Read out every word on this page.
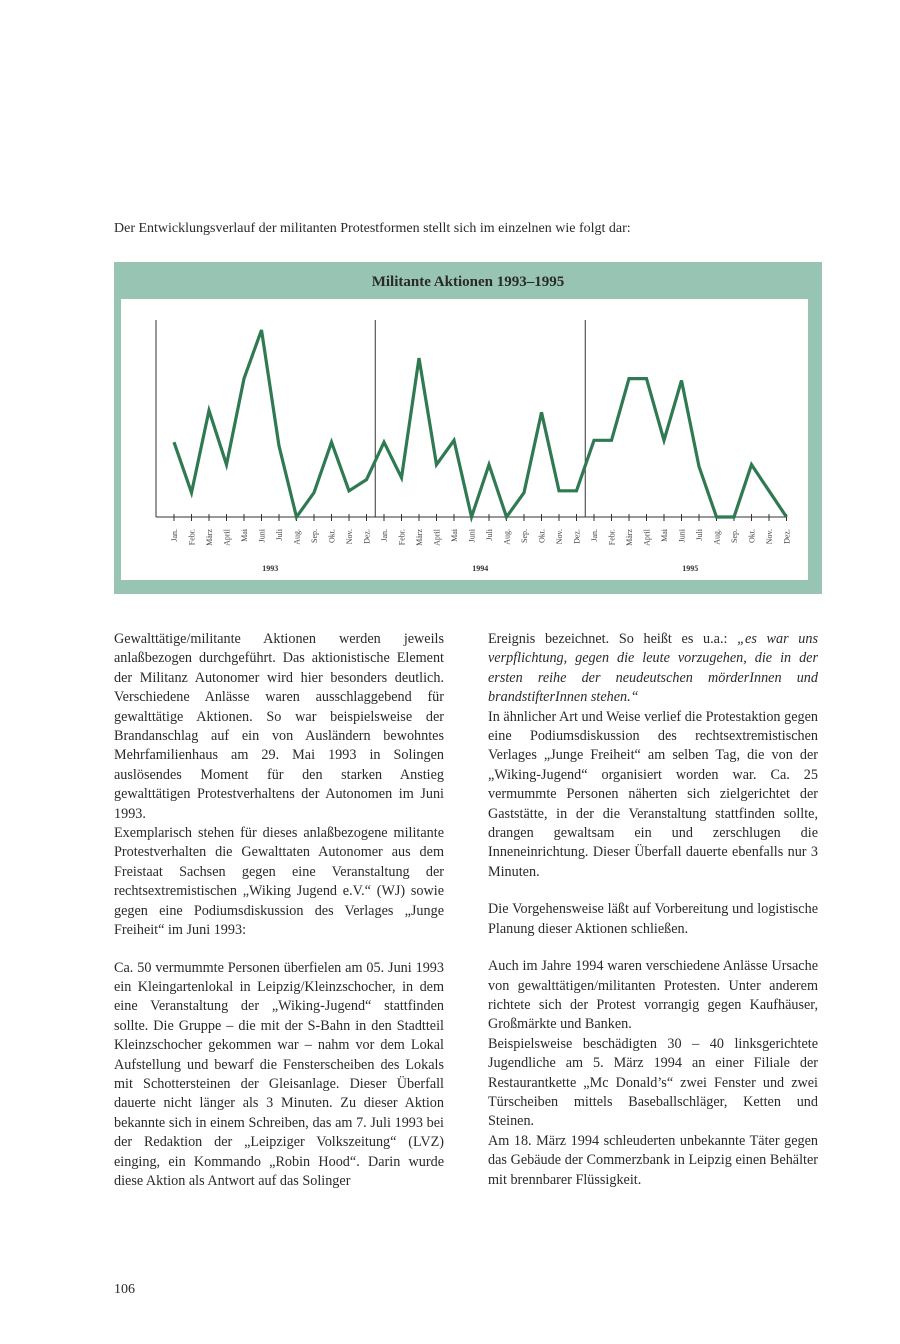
Der Entwicklungsverlauf der militanten Protestformen stellt sich im einzelnen wie folgt dar:

Jan. Febr. März April Mai Juni Juli Aug. Sep. Okt. Nov. Dez. Jan. Febr. März April Mai Juni Juli Aug. Sep. Okt. Nov. Dez. Jan. Febr. März April Mai Juni Juli Aug. Sep. Okt. Nov. Dez.
1993	1994	1995

Militante Aktionen 1993–1995

Gewalttätige/militante Aktionen werden jeweils anlaßbezogen durchgeführt. Das aktionistische Element der Militanz Autonomer wird hier besonders deutlich. Verschiedene Anlässe waren ausschlaggebend für gewalttätige Aktionen. So war beispielsweise der Brandanschlag auf ein von Ausländern bewohntes Mehrfamilienhaus am 29. Mai 1993 in Solingen auslösendes Moment für den starken Anstieg gewalttätigen Protestverhaltens der Autonomen im Juni 1993.

Exemplarisch stehen für dieses anlaßbezogene militante Protestverhalten die Gewalttaten Autonomer aus dem Freistaat Sachsen gegen eine Veranstaltung der rechtsextremistischen „Wiking Jugend e.V.“ (WJ) sowie gegen eine Podiumsdiskussion des Verlages „Junge Freiheit“ im Juni 1993:

Ca. 50 vermummte Personen überfielen am 05. Juni 1993 ein Kleingartenlokal in Leipzig/Kleinzschocher, in dem eine Veranstaltung der „Wiking-Jugend“ stattfinden sollte. Die Gruppe – die mit der S-Bahn in den Stadtteil Kleinzschocher gekommen war – nahm vor dem Lokal Aufstellung und bewarf die Fensterscheiben des Lokals mit Schottersteinen der Gleisanlage. Dieser Überfall dauerte nicht länger als 3 Minuten. Zu dieser Aktion bekannte sich in einem Schreiben, das am 7. Juli 1993 bei der Redaktion der „Leipziger Volkszeitung“ (LVZ) einging, ein Kommando „Robin Hood“. Darin wurde diese Aktion als Antwort auf das Solinger

Ereignis bezeichnet. So heißt es u.a.: „es war uns verpflichtung, gegen die leute vorzugehen, die in der ersten reihe der neudeutschen mörderInnen und brandstifterInnen stehen.“

In ähnlicher Art und Weise verlief die Protestaktion gegen eine Podiumsdiskussion des rechtsextremistischen Verlages „Junge Freiheit“ am selben Tag, die von der „Wiking-Jugend“ organisiert worden war. Ca. 25 vermummte Personen näherten sich zielgerichtet der Gaststätte, in der die Veranstaltung stattfinden sollte, drangen gewaltsam ein und zerschlugen die Inneneinrichtung. Dieser Überfall dauerte ebenfalls nur 3 Minuten.

Die Vorgehensweise läßt auf Vorbereitung und logistische Planung dieser Aktionen schließen.

Auch im Jahre 1994 waren verschiedene Anlässe Ursache von gewalttätigen/militanten Protesten. Unter anderem richtete sich der Protest vorrangig gegen Kaufhäuser, Großmärkte und Banken.

Beispielsweise beschädigten 30 – 40 linksgerichtete Jugendliche am 5. März 1994 an einer Filiale der Restaurantkette „Mc Donald’s“ zwei Fenster und zwei Türscheiben mittels Baseballschläger, Ketten und Steinen.

Am 18. März 1994 schleuderten unbekannte Täter gegen das Gebäude der Commerzbank in Leipzig einen Behälter mit brennbarer Flüssigkeit.

106
